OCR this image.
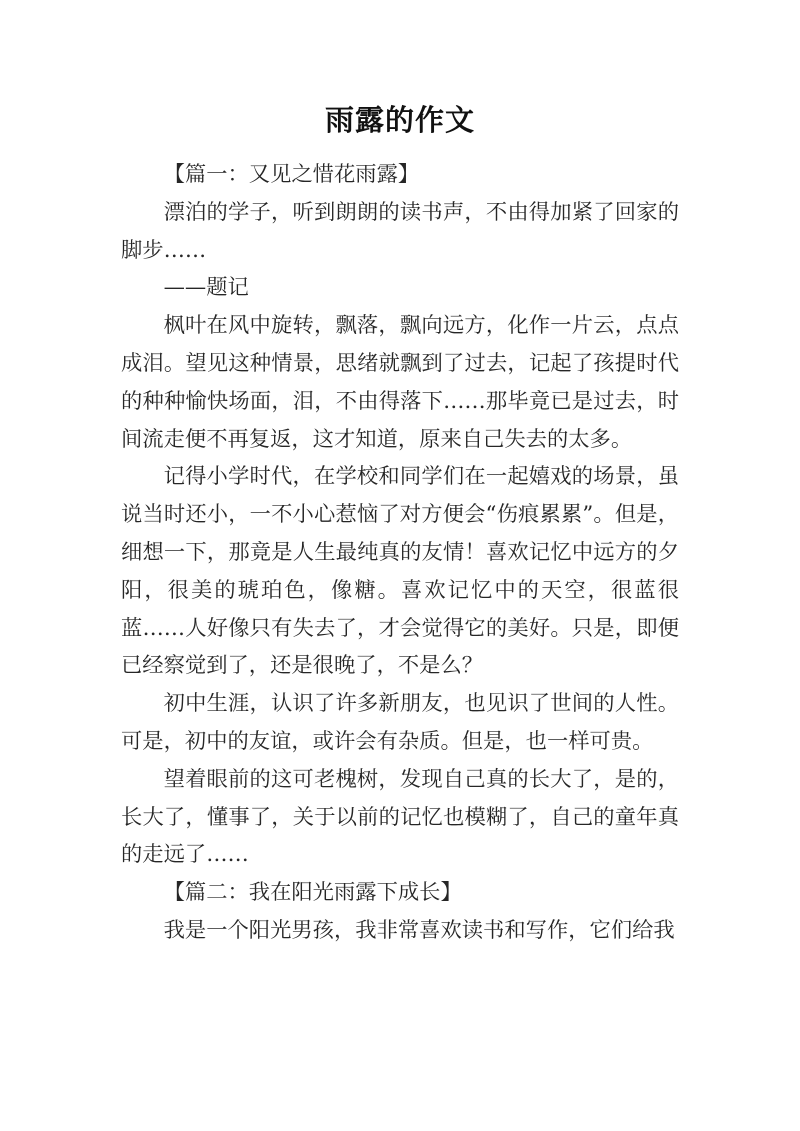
雨露的作文

【篇一：又见之惜花雨露】

漂泊的学子，听到朗朗的读书声，不由得加紧了回家的脚步……

——题记

枫叶在风中旋转，飘落，飘向远方，化作一片云，点点成泪。望见这种情景，思绪就飘到了过去，记起了孩提时代的种种愉快场面，泪，不由得落下……那毕竟已是过去，时间流走便不再复返，这才知道，原来自己失去的太多。

记得小学时代，在学校和同学们在一起嬉戏的场景，虽说当时还小，一不小心惹恼了对方便会“伤痕累累”。但是，细想一下，那竟是人生最纯真的友情！喜欢记忆中远方的夕阳，很美的琥珀色，像糖。喜欢记忆中的天空，很蓝很蓝……人好像只有失去了，才会觉得它的美好。只是，即便已经察觉到了，还是很晚了，不是么？

初中生涯，认识了许多新朋友，也见识了世间的人性。可是，初中的友谊，或许会有杂质。但是，也一样可贵。

望着眼前的这可老槐树，发现自己真的长大了，是的，长大了，懂事了，关于以前的记忆也模糊了，自己的童年真的走远了……

【篇二：我在阳光雨露下成长】

我是一个阳光男孩，我非常喜欢读书和写作，它们给我
